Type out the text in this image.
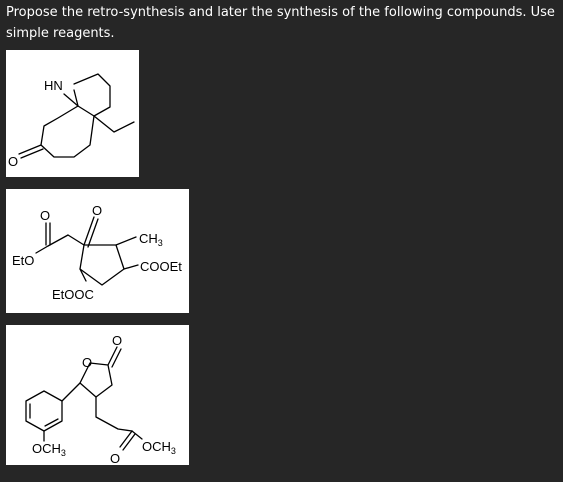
Propose the retro-synthesis and later the synthesis of the following compounds. Use simple reagents.

HN
O
O	O
EtO
$CH_3$
COOEt
EtOOC
O
O
$OCH_3$	O
$OCH_3$
